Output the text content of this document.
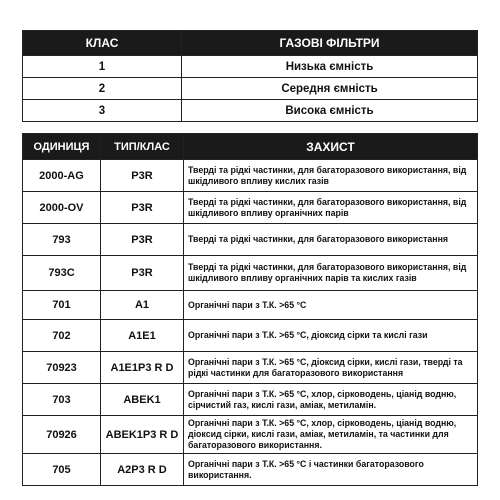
КЛАС	ГАЗОВІ ФІЛЬТРИ
1	Низька ємність
2	Середня ємність
3	Висока ємність
ОДИНИЦЯ	ТИП/КЛАС	ЗАХИСТ
2000-AG	P3R	Тверді та рідкі частинки, для багаторазового використання, від шкідливого впливу кислих газів
2000-OV	P3R	Тверді та рідкі частинки, для багаторазового використання, від шкідливого впливу органічних парів
793	P3R	Тверді та рідкі частинки, для багаторазового використання
793C	P3R	Тверді та рідкі частинки, для багаторазового використання, від шкідливого впливу органічних парів та кислих газів
701	A1	Органічні пари з Т.К. >65 °C
702	A1E1	Органічні пари з Т.К. >65 °C, діоксид сірки та кислі гази
70923	A1E1P3 R D	Органічні пари з Т.К. >65 °C, діоксид сірки, кислі гази, тверді та рідкі частинки для багаторазового використання
703	ABEK1	Органічні пари з Т.К. >65 °C, хлор, сірководень, ціанід водню, сірчистий газ, кислі гази, аміак, метиламін.
70926	ABEK1P3 R D	Органічні пари з Т.К. >65 °C, хлор, сірководень, ціанід водню, діоксид сірки, кислі гази, аміак, метиламін, та частинки для багаторазового використання.
705	A2P3 R D	Органічні пари з Т.К. >65 °C і частинки багаторазового використання.
